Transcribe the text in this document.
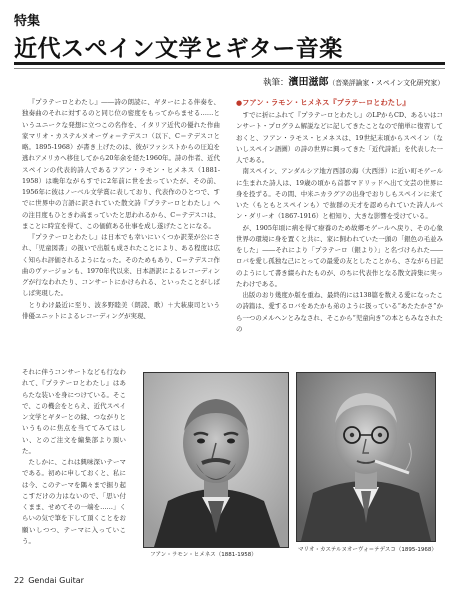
特集
近代スペイン文学とギター音楽
執筆：濱田滋郎（音楽評論家・スペイン文化研究家）

『プラテーロとわたし』――詩の朗読に、ギターによる伴奏を、独奏曲のそれに対するのと同じ位の密度をもってからませる……というユニークな発想に立つこの名作を、イタリア近代の優れた作曲家マリオ・カステルヌオーヴォ＝テデスコ（以下、C＝テデスコと略。1895-1968）が書き上げたのは、彼がファシストからの圧迫を逃れアメリカへ移住してから20年余を経た1960年。詩の作者、近代スペインの代表的詩人であるフアン・ラモン・ヒメネス（1881-1958）は晩年ながらすでに2年前に世を去っていたが、その前、1956年に彼はノーベル文学賞に表しており、代表作のひとつで、すでに世界中の言語に訳されていた散文詩『プラテーロとわたし』への注目度もひときわ高まっていたと思われるから、C＝テデスコは、まことに時宜を得て、この価値ある仕事を成し遂げたことになる。

『プラテーロとわたし』は日本でも幸いにいくつか訳業が公にされ、「児童図書」の扱いで出版も成されたことにより、ある程度は広く知られ評価されるようになった。そのためもあり、C＝テデスコ作曲のヴァージョンも、1970年代以来、日本語訳によるレコーディングが行なわれたり、コンサートにかけられる、といったことがしばしば実現した。

とりわけ最近に至り、波多野睦美（朗読、歌）＋大萩康司という俳優ユニットによるレコーディングが実現、

それに伴うコンサートなども行なわれて、『プラテーロとわたし』はあらたな装いを身につけている。そこで、この機会をとらえ、近代スペイン文学とギターとの縁、つながりというものに焦点を当ててみてはしい、とのご注文を編集部より頂いた。

たしかに、これは興味深いテーマである。初めに申しておくと、私には今、このテーマを隅々まで掘り起こすだけの力はないので、「思い付くまま、せめてその一端を……」くらいの気で筆を下して頂くことをお願いしつつ、テーマに入っていこう。

●フアン・ラモン・ヒメネス『プラテーロとわたし』

すでに折にふれて『プラテーロとわたし』のLPからCD、あるいはコンサート・プログラム解説などに記してきたことなので簡単に復習しておくと、フアン・ラモス・ヒメネスは、19世紀末頃からスペイン（ないしスペイン語圏）の詩の世界に興ってきた「近代詩派」を代表した一人である。

南スペイン、アンダルシア地方西部の海（大西洋）に近い町モゲールに生まれた詩人は、19歳の頃から首都マドリッドへ出て文芸の世界に身を投ずる。その間、中米ニカラグアの出身でおりしもスペインに来ていた（もともとスペインも）で抜群の天才を認められていた詩人ルベン・ダリーオ（1867-1916）と相知り、大きな影響を受けている。

が、1905年頃に病を得て療養のため故郷モゲールへ戻り、その心象世界の環境に身を置くと共に、家に飼われていた一頭の「銀色の毛並みをした」――それにより「プラテーロ（銀より）」と名づけられた――ロバを愛し孤独な己にとっての最愛の友としたことから、さながら日記のようにして書き綴られたものが、のちに代表作となる散文詩集に実ったわけである。

出版のおり幾度か版を重ね、最終的には138篇を数える愛になったこの詩篇は、愛するロバをあたかも弟のように扱っている“あたたかさ”から一つのメルヘンとみなされ、そこから“児童向き”の本ともみなされたの

フアン・ラモン・ヒメネス（1881-1958）
マリオ・カステルヌオーヴォ＝テデスコ（1895-1968）
22 Gendai Guitar
